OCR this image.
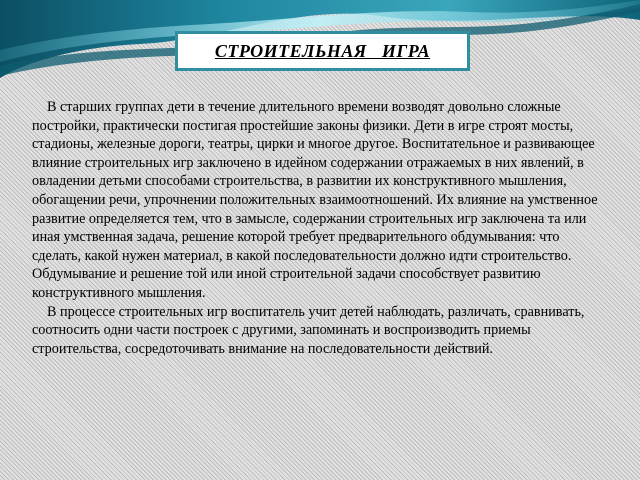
СТРОИТЕЛЬНАЯ   ИГРА

В старших группах дети в течение длительного времени возводят довольно сложные постройки, практически постигая простейшие законы физики. Дети в игре строят мосты, стадионы, железные дороги, театры, цирки и многое другое. Воспитательное и развивающее влияние строительных игр заключено в идейном содержании отражаемых в них явлений, в овладении детьми способами строительства, в развитии их конструктивного мышления, обогащении речи, упрочнении положительных взаимоотношений. Их влияние на умственное развитие определяется тем, что в замысле, содержании строительных игр заключена та или иная умственная задача, решение которой требует предварительного обдумывания: что сделать, какой нужен материал, в какой последовательности должно идти строительство. Обдумывание и решение той или иной строительной задачи способствует развитию конструктивного мышления.

В процессе строительных игр воспитатель учит детей наблюдать, различать, сравнивать, соотносить одни части построек с другими, запоминать и воспроизводить приемы строительства, сосредоточивать внимание на последовательности действий.
